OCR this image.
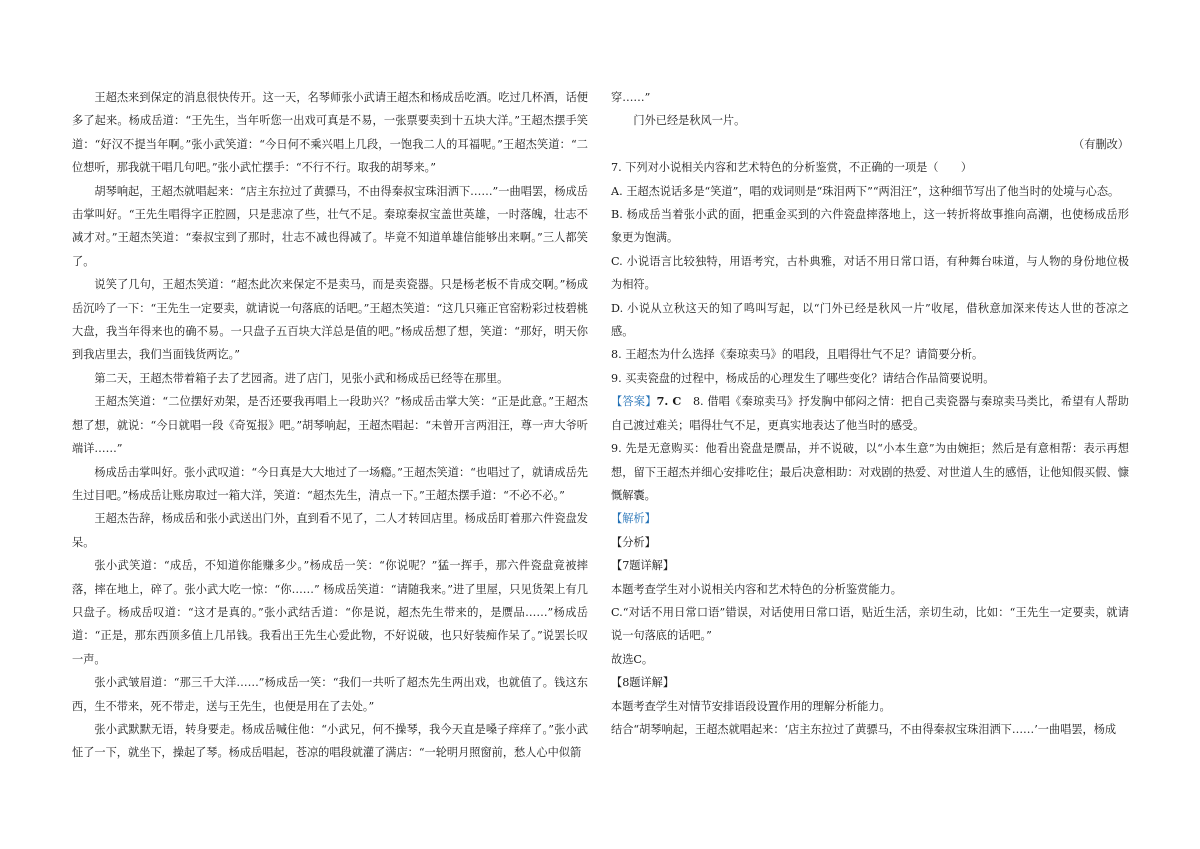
王超杰来到保定的消息很快传开。这一天，名琴师张小武请王超杰和杨成岳吃酒。吃过几杯酒，话便多了起来。杨成岳道：“王先生，当年听您一出戏可真是不易，一张票要卖到十五块大洋。”王超杰摆手笑道：“好汉不提当年啊。”张小武笑道：“今日何不乘兴唱上几段，一饱我二人的耳福呢。”王超杰笑道：“二位想听，那我就干唱几句吧。”张小武忙摆手：“不行不行。取我的胡琴来。”

胡琴响起，王超杰就唱起来：“店主东拉过了黄骠马，不由得秦叔宝珠泪洒下……”一曲唱罢，杨成岳击掌叫好。“王先生唱得字正腔圆，只是悲凉了些，壮气不足。秦琼秦叔宝盖世英雄，一时落魄，壮志不减才对。”王超杰笑道：“秦叔宝到了那时，壮志不减也得减了。毕竟不知道单雄信能够出来啊。”三人都笑了。

说笑了几句，王超杰笑道：“超杰此次来保定不是卖马，而是卖瓷器。只是杨老板不肯成交啊。”杨成岳沉吟了一下：“王先生一定要卖，就请说一句落底的话吧。”王超杰笑道：“这几只雍正官窑粉彩过枝碧桃大盘，我当年得来也的确不易。一只盘子五百块大洋总是值的吧。”杨成岳想了想，笑道：“那好，明天你到我店里去，我们当面钱货两讫。”

第二天，王超杰带着箱子去了艺园斋。进了店门，见张小武和杨成岳已经等在那里。

王超杰笑道：“二位摆好劝架，是否还要我再唱上一段助兴？”杨成岳击掌大笑：“正是此意。”王超杰想了想，就说：“今日就唱一段《奇冤报》吧。”胡琴响起，王超杰唱起：“未曾开言两泪汪，尊一声大爷听端详……”

杨成岳击掌叫好。张小武叹道：“今日真是大大地过了一场瘾。”王超杰笑道：“也唱过了，就请成岳先生过目吧。”杨成岳让账房取过一箱大洋，笑道：“超杰先生，清点一下。”王超杰摆手道：“不必不必。”

王超杰告辞，杨成岳和张小武送出门外，直到看不见了，二人才转回店里。杨成岳盯着那六件瓷盘发呆。

张小武笑道：“成岳，不知道你能赚多少。”杨成岳一笑：“你说呢？”猛一挥手，那六件瓷盘竟被摔落，摔在地上，碎了。张小武大吃一惊：“你……” 杨成岳笑道：“请随我来。”进了里屋，只见货架上有几只盘子。杨成岳叹道：“这才是真的。”张小武结舌道：“你是说，超杰先生带来的，是赝品……”杨成岳道：“正是，那东西顶多值上几吊钱。我看出王先生心爱此物，不好说破，也只好装痴作呆了。”说罢长叹一声。

张小武皱眉道：“那三千大洋……”杨成岳一笑：“我们一共听了超杰先生两出戏，也就值了。钱这东西，生不带来，死不带走，送与王先生，也便是用在了去处。”

张小武默默无语，转身要走。杨成岳喊住他：“小武兄，何不操琴，我今天直是嗓子痒痒了。”张小武怔了一下，就坐下，操起了琴。杨成岳唱起，苍凉的唱段就灌了满店：“一轮明月照窗前，愁人心中似箭

穿……”

门外已经是秋风一片。

（有删改）

7. 下列对小说相关内容和艺术特色的分析鉴赏，不正确的一项是（　　）

A. 王超杰说话多是“笑道”，唱的戏词则是“珠泪两下”“两泪汪”，这种细节写出了他当时的处境与心态。

B. 杨成岳当着张小武的面，把重金买到的六件瓷盘摔落地上，这一转折将故事推向高潮，也使杨成岳形象更为饱满。

C. 小说语言比较独特，用语考究，古朴典雅，对话不用日常口语，有种舞台味道，与人物的身份地位极为相符。

D. 小说从立秋这天的知了鸣叫写起，以“门外已经是秋风一片”收尾，借秋意加深来传达人世的苍凉之感。

8. 王超杰为什么选择《秦琼卖马》的唱段，且唱得壮气不足？请简要分析。

9. 买卖瓷盘的过程中，杨成岳的心理发生了哪些变化？请结合作品简要说明。

【答案】7. C　 8. 借唱《秦琼卖马》抒发胸中郁闷之情：把自己卖瓷器与秦琼卖马类比，希望有人帮助自己渡过难关；唱得壮气不足，更真实地表达了他当时的感受。

9. 先是无意购买：他看出瓷盘是赝品，并不说破，以“小本生意”为由婉拒；然后是有意相帮：表示再想想，留下王超杰并细心安排吃住；最后决意相助：对戏剧的热爱、对世道人生的感悟，让他知假买假、慷慨解囊。

【解析】

【分析】

【7题详解】

本题考查学生对小说相关内容和艺术特色的分析鉴赏能力。

C.“对话不用日常口语”错误，对话使用日常口语，贴近生活，亲切生动，比如：“王先生一定要卖，就请说一句落底的话吧。”

故选C。

【8题详解】

本题考查学生对情节安排语段设置作用的理解分析能力。

结合“胡琴响起，王超杰就唱起来：‘店主东拉过了黄骠马，不由得秦叔宝珠泪洒下……’一曲唱罢，杨成
